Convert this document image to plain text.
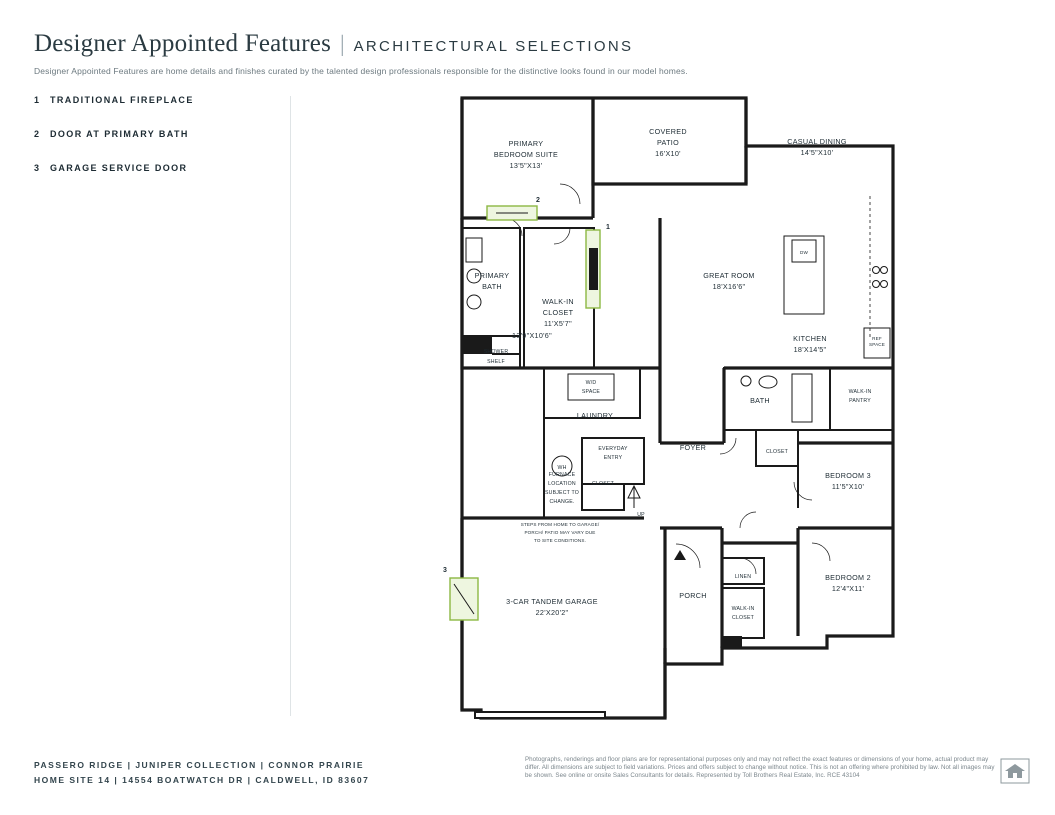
Designer Appointed Features | ARCHITECTURAL SELECTIONS
Designer Appointed Features are home details and finishes curated by the talented design professionals responsible for the distinctive looks found in our model homes.
1	TRADITIONAL FIREPLACE
2	DOOR AT PRIMARY BATH
3	GARAGE SERVICE DOOR
DW
REF
SPACE
W/D
SPACE
WH
UP
1
2
3
PRIMARY
BEDROOM SUITE
13'5"X13'
COVERED
PATIO
16'X10'
CASUAL DINING
14'5"X10'
GREAT ROOM
18'X16'6"
PRIMARY
BATH
SHOWER
SHELF
WALK-IN
CLOSET
11'X5'7"
KITCHEN
18'X14'5"
BATH
WALK-IN
PANTRY
CLOSET
BEDROOM 3
11'5"X10'
BEDROOM 2
12'4"X11'
LINEN
WALK-IN
CLOSET
FOYER
PORCH
LAUNDRY
EVERYDAY
ENTRY
CLOSET
13'9"X10'6"
FURNACE
LOCATION
SUBJECT TO
CHANGE.
STEPS FROM HOME TO GARAGE/
PORCH/ PATIO MAY VARY DUE
TO SITE CONDITIONS.
3-CAR TANDEM GARAGE
22'X20'2"
PASSERO RIDGE | JUNIPER COLLECTION | CONNOR PRAIRIE
HOME SITE 14 | 14554 BOATWATCH DR | CALDWELL, ID 83607

Photographs, renderings and floor plans are for representational purposes only and may not reflect the exact features or dimensions of your home, actual product may differ. All dimensions are subject to field variations. Prices and offers subject to change without notice. This is not an offering where prohibited by law. Not all images may be shown. See online or onsite Sales Consultants for details. Represented by Toll Brothers Real Estate, Inc. RCE 43104
